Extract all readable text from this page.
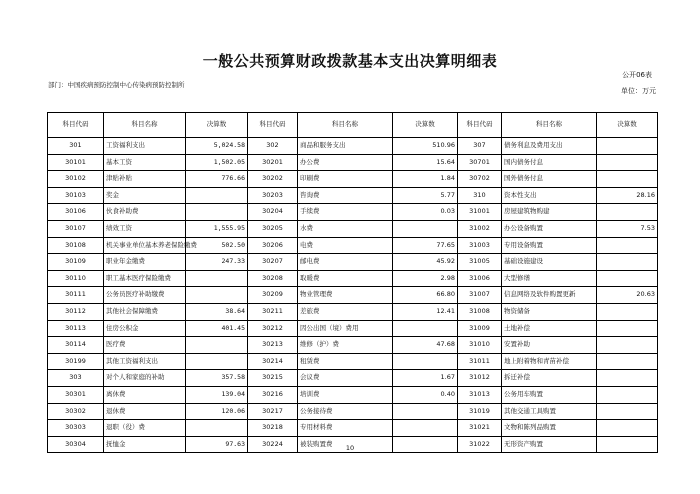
一般公共预算财政拨款基本支出决算明细表
公开06表
单位：万元
部门：中国疾病预防控制中心传染病预防控制所
科目代码	科目名称	决算数	科目代码	科目名称	决算数	科目代码	科目名称	决算数
301	工资福利支出	5,024.58	302	商品和服务支出	510.96	307	债务利息及费用支出	
30101	基本工资	1,502.05	30201	办公费	15.64	30701	国内债务付息	
30102	津贴补贴	776.66	30202	印刷费	1.84	30702	国外债务付息	
30103	奖金		30203	咨询费	5.77	310	资本性支出	28.16
30106	伙食补助费		30204	手续费	0.03	31001	房屋建筑物购建	
30107	绩效工资	1,555.95	30205	水费		31002	办公设备购置	7.53
30108	机关事业单位基本养老保险缴费	502.50	30206	电费	77.65	31003	专用设备购置	
30109	职业年金缴费	247.33	30207	邮电费	45.92	31005	基础设施建设	
30110	职工基本医疗保险缴费		30208	取暖费	2.98	31006	大型修缮	
30111	公务员医疗补助缴费		30209	物业管理费	66.80	31007	信息网络及软件购置更新	20.63
30112	其他社会保障缴费	38.64	30211	差旅费	12.41	31008	物资储备	
30113	住房公积金	401.45	30212	因公出国（境）费用		31009	土地补偿	
30114	医疗费		30213	维修（护）费	47.68	31010	安置补助	
30199	其他工资福利支出		30214	租赁费		31011	地上附着物和青苗补偿	
303	对个人和家庭的补助	357.58	30215	会议费	1.67	31012	拆迁补偿	
30301	离休费	139.04	30216	培训费	0.40	31013	公务用车购置	
30302	退休费	120.06	30217	公务接待费		31019	其他交通工具购置	
30303	退职（役）费		30218	专用材料费		31021	文物和陈列品购置	
30304	抚恤金	97.63	30224	被装购置费		31022	无形资产购置	
10
